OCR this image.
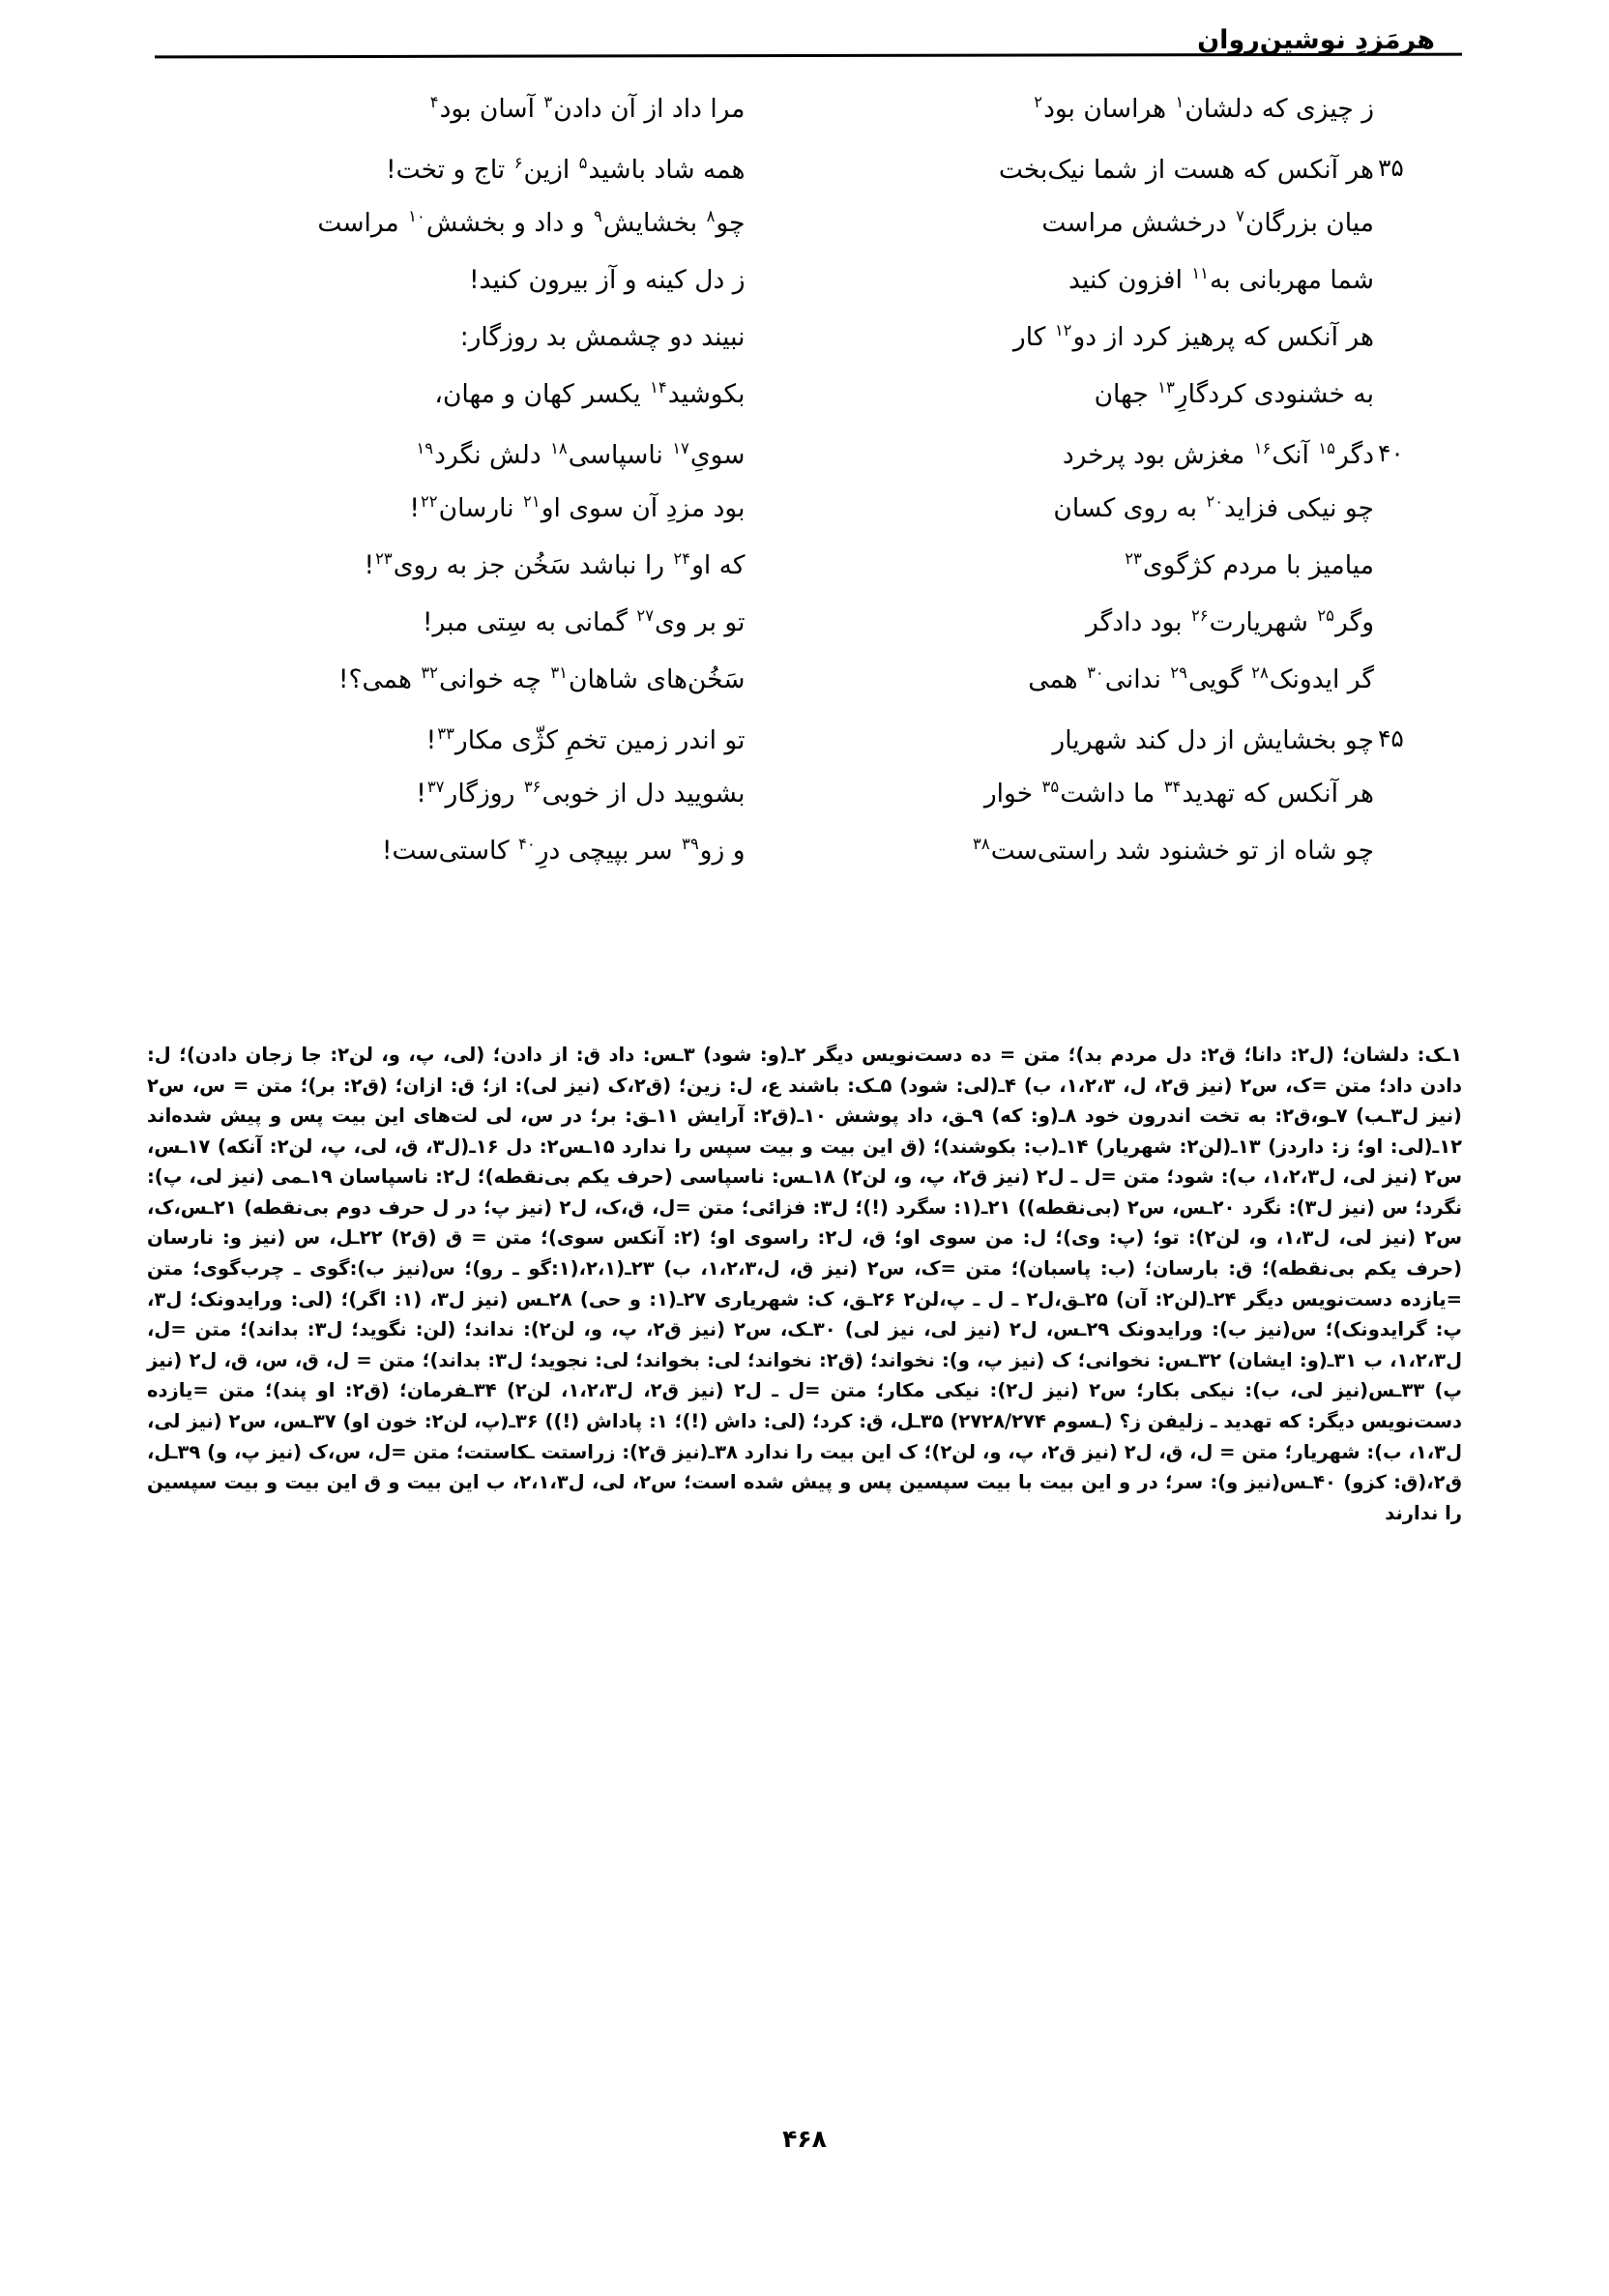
هرمَزدِ نوشین‌روان
ز چیزی که دلشان$^۱$ هراسان بود$^۲$
مرا داد از آن دادن$^۳$ آسان بود$^۴$
۳۵
هر آنکس که هست از شما نیک‌بخت
همه شاد باشید$^۵$ ازین$^۶$ تاج و تخت!
میان بزرگان$^۷$ درخشش مراست
چو$^۸$ بخشایش$^۹$ و داد و بخشش$^{۱۰}$ مراست
شما مهربانی به$^{۱۱}$ افزون کنید
ز دل کینه و آز بیرون کنید!
هر آنکس که پرهیز کرد از دو$^{۱۲}$ کار
نبیند دو چشمش بد روزگار:
به خشنودی کردگارِ$^{۱۳}$ جهان
بکوشید$^{۱۴}$ یکسر کهان و مهان،
۴۰
دگر$^{۱۵}$ آنک$^{۱۶}$ مغزش بود پرخرد
سویِ$^{۱۷}$ ناسپاسی$^{۱۸}$ دلش نگرد$^{۱۹}$
چو نیکی فزاید$^{۲۰}$ به روی کسان
بود مزدِ آن سوی او$^{۲۱}$ نارسان$^{۲۲}$!
میامیز با مردم کژگوی$^{۲۳}$
که او$^{۲۴}$ را نباشد سَخُن جز به روی$^{۲۳}$!
وگر$^{۲۵}$ شهریارت$^{۲۶}$ بود دادگر
تو بر وی$^{۲۷}$ گمانی به سِتی مبر!
گر ایدونک$^{۲۸}$ گویی$^{۲۹}$ ندانی$^{۳۰}$ همی
سَخُن‌های شاهان$^{۳۱}$ چه خوانی$^{۳۲}$ همی؟!
۴۵
چو بخشایش از دل کند شهریار
تو اندر زمین تخمِ کژّی مکار$^{۳۳}$!
هر آنکس که تهدید$^{۳۴}$ ما داشت$^{۳۵}$ خوار
بشویید دل از خوبی$^{۳۶}$ روزگار$^{۳۷}$!
چو شاه از تو خشنود شد راستی‌ست$^{۳۸}$
و زو$^{۳۹}$ سر بپیچی درِ$^{۴۰}$ کاستی‌ست!

۱ـک: دلشان؛ (ل۲: دانا؛ ق۲: دل مردم بد)؛ متن = ده دست‌نویس دیگر ۲ـ(و: شود) ۳ـس: داد ق: از دادن؛ (لی، پ، و، لن۲: جا زجان دادن)؛ ل: دادن داد؛ متن =ک، س۲ (نیز ق۲، ل، ۱،۲،۳، ب) ۴ـ(لی: شود) ۵ـک: باشند ع، ل: زین؛ (ق۲،ک (نیز لی): از؛ ق: ازان؛ (ق۲: بر)؛ متن = س، س۲ (نیز ل۳ـب) ۷ـو،ق۲: به تخت اندرون خود ۸ـ(و: که) ۹ـق، داد پوشش ۱۰ـ(ق۲: آرایش ۱۱ـق: بر؛ در س، لی لت‌های این بیت پس و پیش شده‌اند ۱۲ـ(لی: او؛ ز: داردز) ۱۳ـ(لن۲: شهریار) ۱۴ـ(ب: بکوشند)؛ (ق این بیت و بیت سپس را ندارد ۱۵ـس۲: دل ۱۶ـ(ل۳، ق، لی، پ، لن۲: آنکه) ۱۷ـس، س۲ (نیز لی، ل۱،۲،۳، ب): شود؛ متن =ل ـ ل۲ (نیز ق۲، پ، و، لن۲) ۱۸ـس: ناسپاسی (حرف یکم بی‌نقطه)؛ ل۲: ناسپاسان ۱۹ـمی (نیز لی، پ): نگرد؛ س (نیز ل۳): نگرد ۲۰ـس، س۲ (بی‌نقطه)) ۲۱ـ(۱: سگرد (!)؛ ل۳: فزائی؛ متن =ل، ق،ک، ل۲ (نیز پ؛ در ل حرف دوم بی‌نقطه) ۲۱ـس،ک، س۲ (نیز لی، ل۱،۳، و، لن۲): تو؛ (پ: وی)؛ ل: من سوی او؛ ق، ل۲: راسوی او؛ (۲: آنکس سوی)؛ متن = ق (ق۲) ۲۲ـل، س (نیز و: نارسان (حرف یکم بی‌نقطه)؛ ق: بارسان؛ (ب: پاسبان)؛ متن =ک، س۲ (نیز ق، ل،۱،۲،۳، ب) ۲۳ـ(۲،۱،(۱:گو ـ رو)؛ س(نیز ب):گوی ـ چرب‌گوی؛ متن =یازده دست‌نویس دیگر ۲۴ـ(لن۲: آن) ۲۵ـق،ل۲ ـ ل ـ پ،لن۲ ۲۶ـق، ک: شهریاری ۲۷ـ(۱: و حی) ۲۸ـس (نیز ل۳، (۱: اگر)؛ (لی: ورایدونک؛ ل۳، پ: گرایدونک)؛ س(نیز ب): ورایدونک ۲۹ـس، ل۲ (نیز لی، نیز لی) ۳۰ـک، س۲ (نیز ق۲، پ، و، لن۲): نداند؛ (لن: نگوید؛ ل۳: بداند)؛ متن =ل، ل۱،۲،۳، ب ۳۱ـ(و: ایشان) ۳۲ـس: نخوانی؛ ک (نیز پ، و): نخواند؛ (ق۲: نخواند؛ لی: بخواند؛ لی: نجوید؛ ل۳: بداند)؛ متن = ل، ق، س، ق، ل۲ (نیز پ) ۳۳ـس(نیز لی، ب): نیکی بکار؛ س۲ (نیز ل۲): نیکی مکار؛ متن =ل ـ ل۲ (نیز ق۲، ل۱،۲،۳، لن۲) ۳۴ـفرمان؛ (ق۲: او پند)؛ متن =یازده دست‌نویس دیگر: که تهدید ـ زلیفن ز؟ (ـسوم ۲۷۲۸/۲۷۴) ۳۵ـل، ق: کرد؛ (لی: داش (!)؛ ۱: پاداش (!)) ۳۶ـ(پ، لن۲: خون او) ۳۷ـس، س۲ (نیز لی، ل۱،۳، ب): شهریار؛ متن = ل، ق، ل۲ (نیز ق۲، پ، و، لن۲)؛ ک این بیت را ندارد ۳۸ـ(نیز ق۲): زراستت ـکاستت؛ متن =ل، س،ک (نیز پ، و) ۳۹ـل، ق۲،(ق: کزو) ۴۰ـس(نیز و): سر؛ در و این بیت با بیت سپسین پس و پیش شده است؛ س۲، لی، ل۲،۱،۳، ب این بیت و ق این بیت و بیت سپسین را ندارند

۴۶۸
